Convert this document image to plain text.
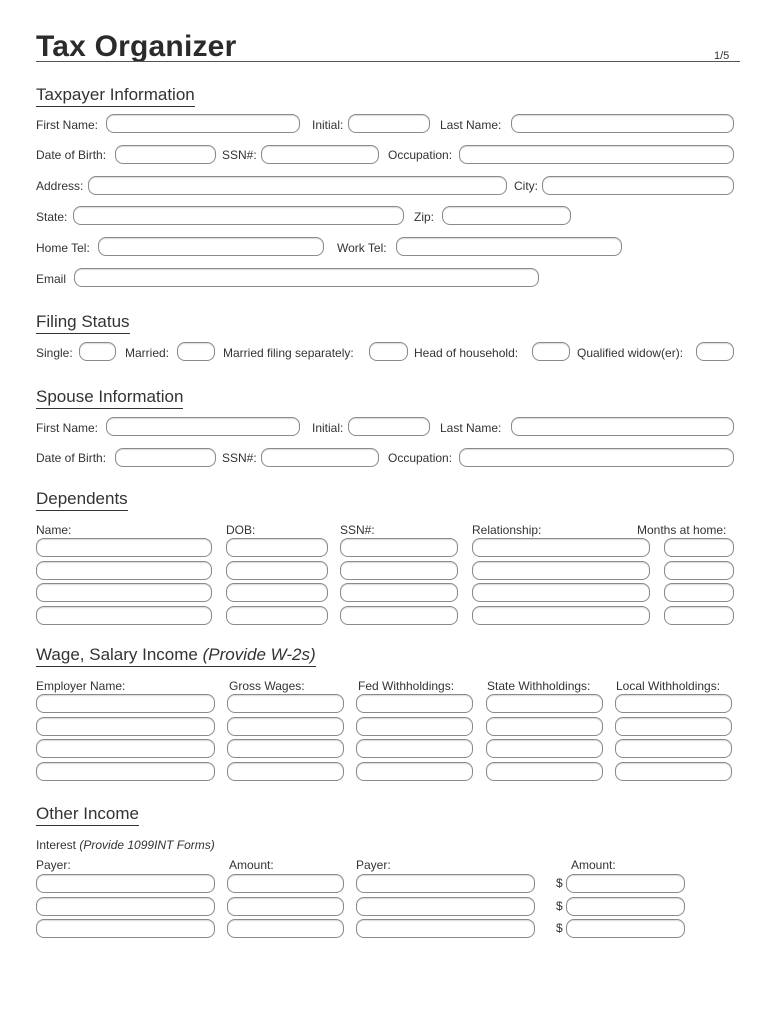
Tax Organizer	1/5
Taxpayer Information
First Name:	Initial:	Last Name:
Date of Birth:	SSN#:	Occupation:
Address:	City:
State:	Zip:
Home Tel:	Work Tel:
Email
Filing Status
Single:	Married:	Married filing separately:	Head of household:	Qualified widow(er):
Spouse Information
First Name:	Initial:	Last Name:
Date of Birth:	SSN#:	Occupation:
Dependents
Name:	DOB:	SSN#:	Relationship:	Months at home:
Wage, Salary Income (Provide W-2s)
Employer Name:	Gross Wages:	Fed Withholdings:	State Withholdings: Local Withholdings:
Other Income
Interest (Provide 1099INT Forms)
Payer:	Amount:	Payer:	Amount:
$
$
$
